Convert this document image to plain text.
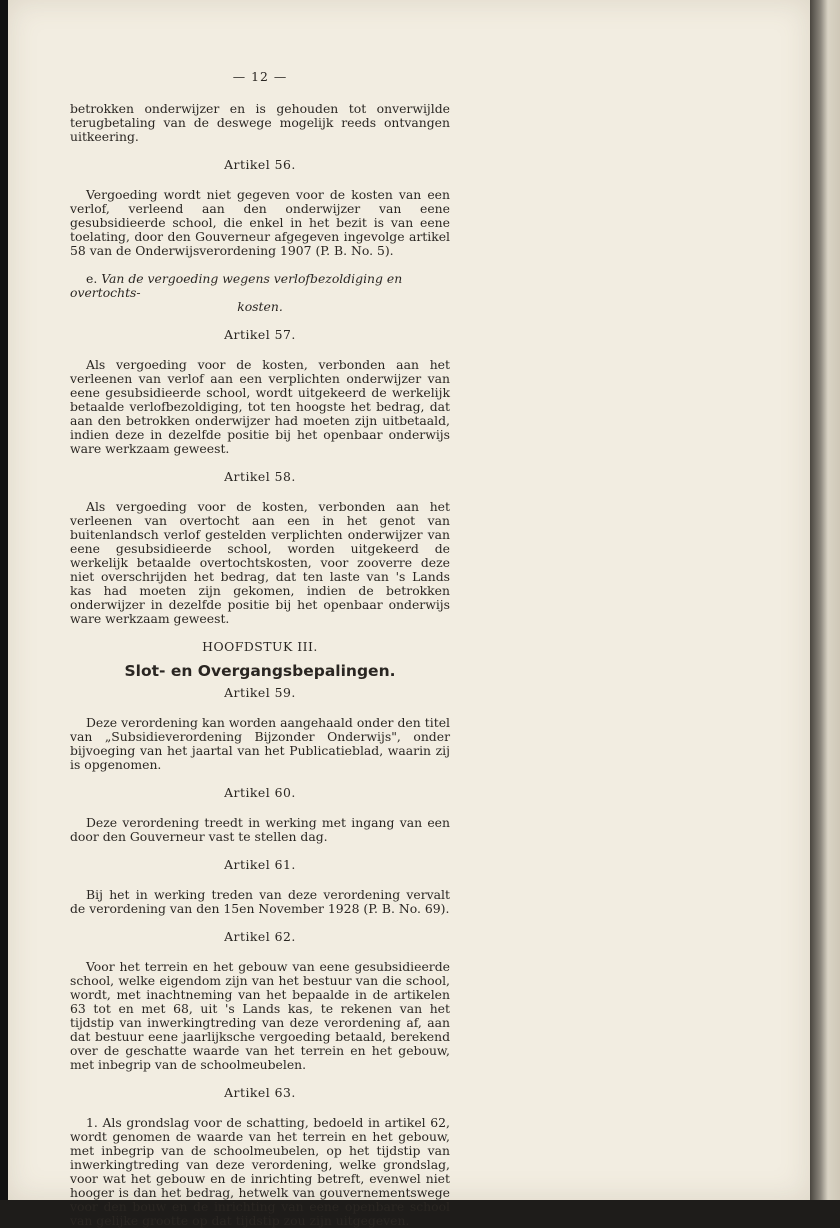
— 12 —

betrokken onderwijzer en is gehouden tot onverwijlde terugbetaling van de deswege mogelijk reeds ontvangen uitkeering.

Artikel 56.

Vergoeding wordt niet gegeven voor de kosten van een verlof, verleend aan den onderwijzer van eene gesubsidieerde school, die enkel in het bezit is van eene toelating, door den Gouverneur afgegeven ingevolge artikel 58 van de Onderwijsverordening 1907 (P. B. No. 5).

e. Van de vergoeding wegens verlofbezoldiging en overtochts-
kosten.

Artikel 57.

Als vergoeding voor de kosten, verbonden aan het verleenen van verlof aan een verplichten onderwijzer van eene gesubsidieerde school, wordt uitgekeerd de werkelijk betaalde verlofbezoldiging, tot ten hoogste het bedrag, dat aan den betrokken onderwijzer had moeten zijn uitbetaald, indien deze in dezelfde positie bij het openbaar onderwijs ware werkzaam geweest.

Artikel 58.

Als vergoeding voor de kosten, verbonden aan het verleenen van overtocht aan een in het genot van buitenlandsch verlof gestelden verplichten onderwijzer van eene gesubsidieerde school, worden uitgekeerd de werkelijk betaalde overtochtskosten, voor zooverre deze niet overschrijden het bedrag, dat ten laste van 's Lands kas had moeten zijn gekomen, indien de betrokken onderwijzer in dezelfde positie bij het openbaar onderwijs ware werkzaam geweest.

HOOFDSTUK III.

Slot- en Overgangsbepalingen.

Artikel 59.

Deze verordening kan worden aangehaald onder den titel van „Subsidieverordening Bijzonder Onderwijs", onder bijvoeging van het jaartal van het Publicatieblad, waarin zij is opgenomen.

Artikel 60.

Deze verordening treedt in werking met ingang van een door den Gouverneur vast te stellen dag.

Artikel 61.

Bij het in werking treden van deze verordening vervalt de verordening van den 15en November 1928 (P. B. No. 69).

Artikel 62.

Voor het terrein en het gebouw van eene gesubsidieerde school, welke eigendom zijn van het bestuur van die school, wordt, met inachtneming van het bepaalde in de artikelen 63 tot en met 68, uit 's Lands kas, te rekenen van het tijdstip van inwerkingtreding van deze verordening af, aan dat bestuur eene jaarlijksche vergoeding betaald, berekend over de geschatte waarde van het terrein en het gebouw, met inbegrip van de schoolmeubelen.

Artikel 63.

1. Als grondslag voor de schatting, bedoeld in artikel 62, wordt genomen de waarde van het terrein en het gebouw, met inbegrip van de schoolmeubelen, op het tijdstip van inwerkingtreding van deze verordening, welke grondslag, voor wat het gebouw en de inrichting betreft, evenwel niet hooger is dan het bedrag, hetwelk van gouvernementswege voor den bouw en de inrichting van eene openbare school van gelijke grootte op dat tijdstip zou zijn uitgegeven.
